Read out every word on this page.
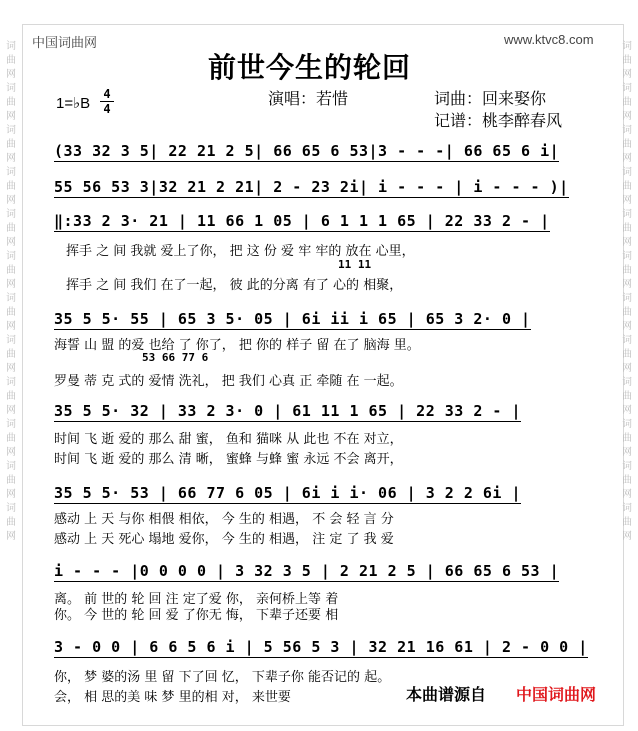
词曲网词曲网词曲网词曲网词曲网词曲网词曲网词曲网词曲网词曲网词曲网词曲网
词曲网词曲网词曲网词曲网词曲网词曲网词曲网词曲网词曲网词曲网词曲网词曲网
中国词曲网	www.ktvc8.com
前世今生的轮回
1=♭B
4
4
演唱：若惜	词曲：回来娶你
记谱：桃李醉春风
(33 32 3 5| 22 21 2 5| 66 65 6 53|3 - - -| 66 65 6 i|
55 56 53 3|32 21 2 21| 2 - 23 2i| i - - - | i - - - )|
‖:33 2 3· 21 | 11 66 1 05 | 6 1 1 1 65 | 22 33 2 - |
挥手 之 间 我就 爱上了你， 把 这 份 爱 牢 牢的 放在 心里，
11 11
挥手 之 间 我们 在了一起， 彼 此的分离 有了 心的 相聚，
35 5 5· 55 | 65 3 5· 05 | 6i ii i 65 | 65 3 2· 0 |
海誓 山 盟 的爱 也给 了 你了， 把 你的 样子 留 在了 脑海 里。
53 66 77 6
罗曼 蒂 克 式的 爱情 洗礼， 把 我们 心真 正 牵随 在 一起。
35 5 5· 32 | 33 2 3· 0 | 61 11 1 65 | 22 33 2 - |
时间 飞 逝 爱的 那么 甜 蜜， 鱼和 猫咪 从 此也 不在 对立，
时间 飞 逝 爱的 那么 清 晰， 蜜蜂 与蜂 蜜 永远 不会 离开，
35 5 5· 53 | 66 77 6 05 | 6i i i· 06 | 3 2 2 6i |
感动 上 天 与你 相偎 相依， 今 生的 相遇， 不 会 轻 言 分
感动 上 天 死心 塌地 爱你， 今 生的 相遇， 注 定 了 我 爱
i - - - |0 0 0 0 | 3 32 3 5 | 2 21 2 5 | 66 65 6 53 |
离。 前 世的 轮 回 注 定了爱 你， 亲何桥上等 着
你。 今 世的 轮 回 爱 了你无 悔， 下辈子还要 相
3 - 0 0 | 6 6 5 6 i | 5 56 5 3 | 32 21 16 61 | 2 - 0 0 |
你， 梦 婆的汤 里 留 下了回 忆， 下辈子你 能否记的 起。
会， 相 思的美 味 梦 里的相 对， 来世要	本曲谱源自 中国词曲网
